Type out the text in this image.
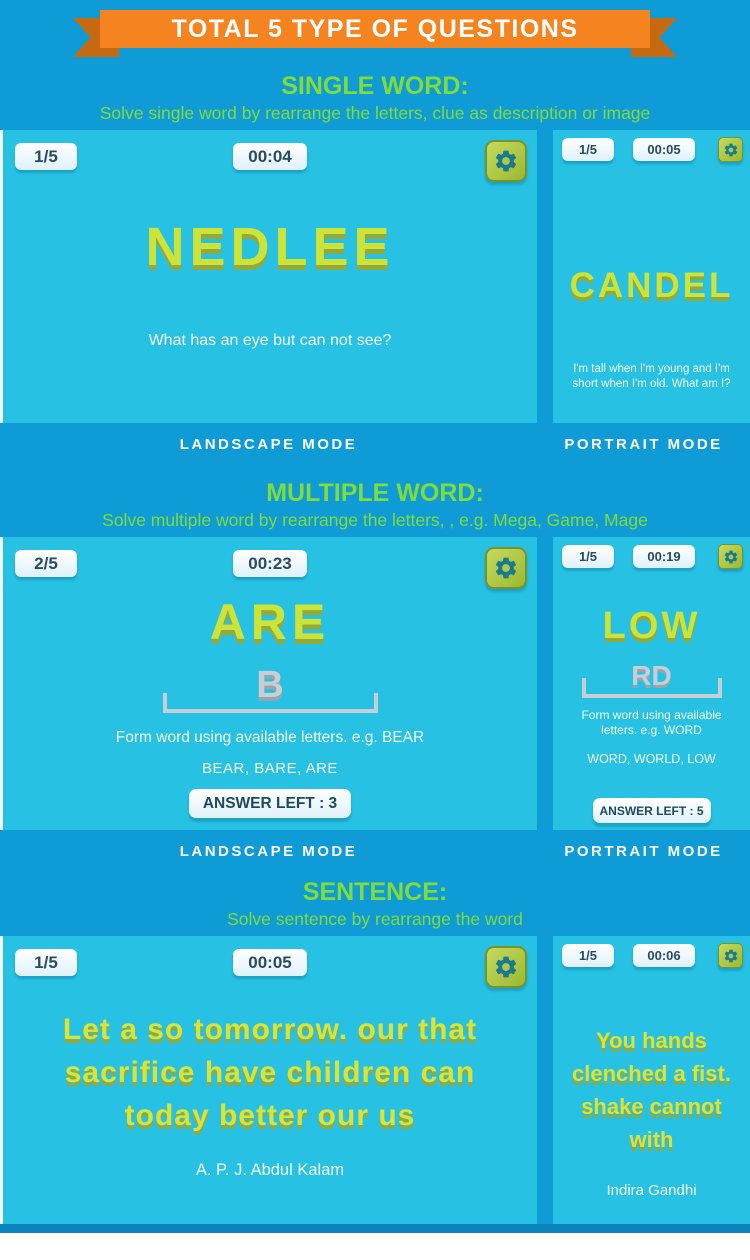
TOTAL 5 TYPE OF QUESTIONS
SINGLE WORD:

Solve single word by rearrange the letters, clue as description or image

1/5	00:04
NEDLEE
What has an eye but can not see?
1/5	00:05
CANDEL
I'm tall when I'm young and I'm short when I'm old. What am I?
LANDSCAPE MODE	PORTRAIT MODE
MULTIPLE WORD:

Solve multiple word by rearrange the letters, , e.g. Mega, Game, Mage

2/5	00:23
ARE
B
Form word using available letters. e.g. BEAR
BEAR, BARE, ARE
ANSWER LEFT : 3
1/5	00:19
LOW
RD
Form word using available letters. e.g. WORD
WORD, WORLD, LOW
ANSWER LEFT : 5
LANDSCAPE MODE	PORTRAIT MODE
SENTENCE:

Solve sentence by rearrange the word

1/5	00:05
Let a so tomorrow. our that sacrifice have children can today better our us
A. P. J. Abdul Kalam
1/5	00:06
You hands clenched a fist. shake cannot with
Indira Gandhi
LANDSCAPE MODE	PORTRAIT MODE
